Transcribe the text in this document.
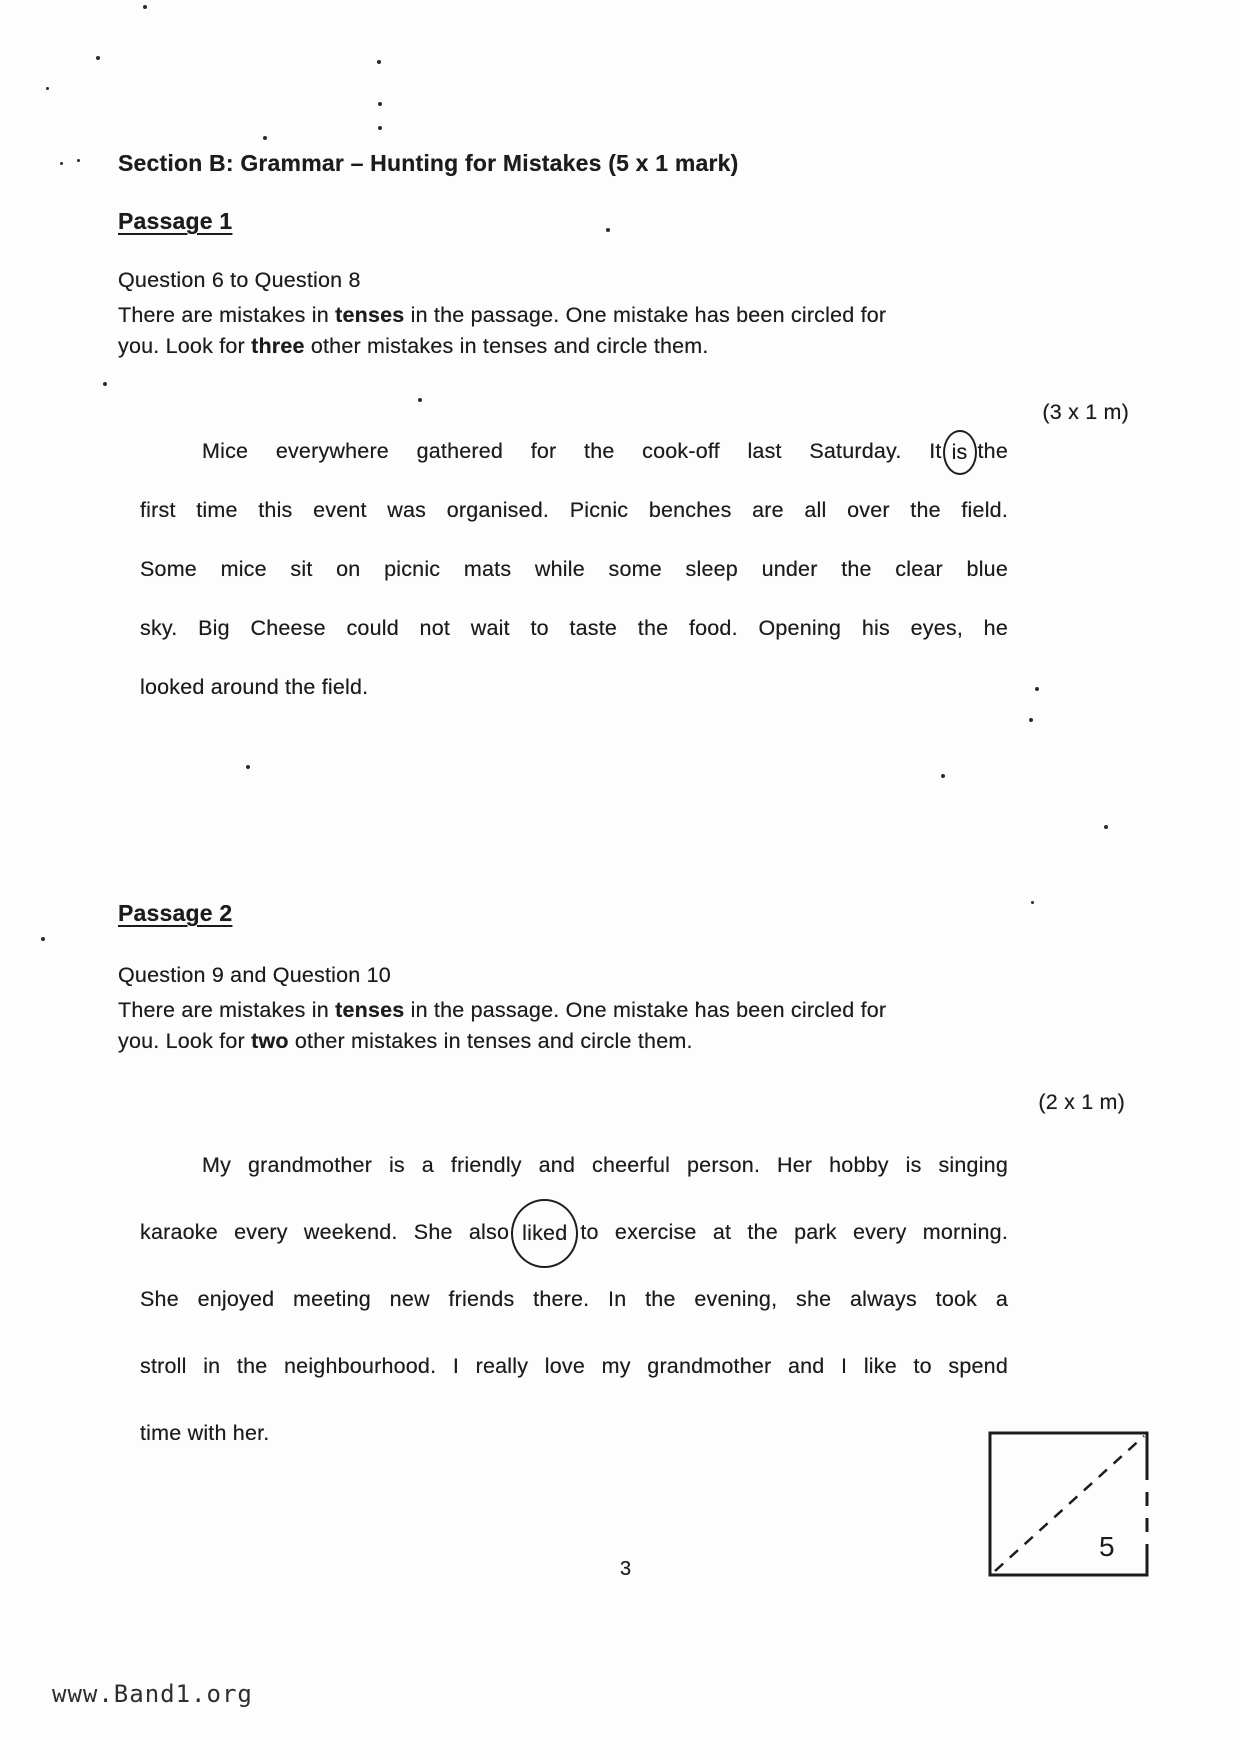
Section B: Grammar – Hunting for Mistakes (5 x 1 mark)
Passage 1
Question 6 to Question 8
There are mistakes in tenses in the passage. One mistake has been circled for
you. Look for three other mistakes in tenses and circle them.
(3 x 1 m)
Mice everywhere gathered for the cook-off last Saturday. It is the
first time this event was organised. Picnic benches are all over the field.
Some mice sit on picnic mats while some sleep under the clear blue
sky. Big Cheese could not wait to taste the food. Opening his eyes, he
looked around the field.
Passage 2
Question 9 and Question 10
There are mistakes in tenses in the passage. One mistake has been circled for
you. Look for two other mistakes in tenses and circle them.
(2 x 1 m)
My grandmother is a friendly and cheerful person. Her hobby is singing
karaoke every weekend. She also liked to exercise at the park every morning.
She enjoyed meeting new friends there. In the evening, she always took a
stroll in the neighbourhood. I really love my grandmother and I like to spend
time with her.
5
3
www.Band1.org
